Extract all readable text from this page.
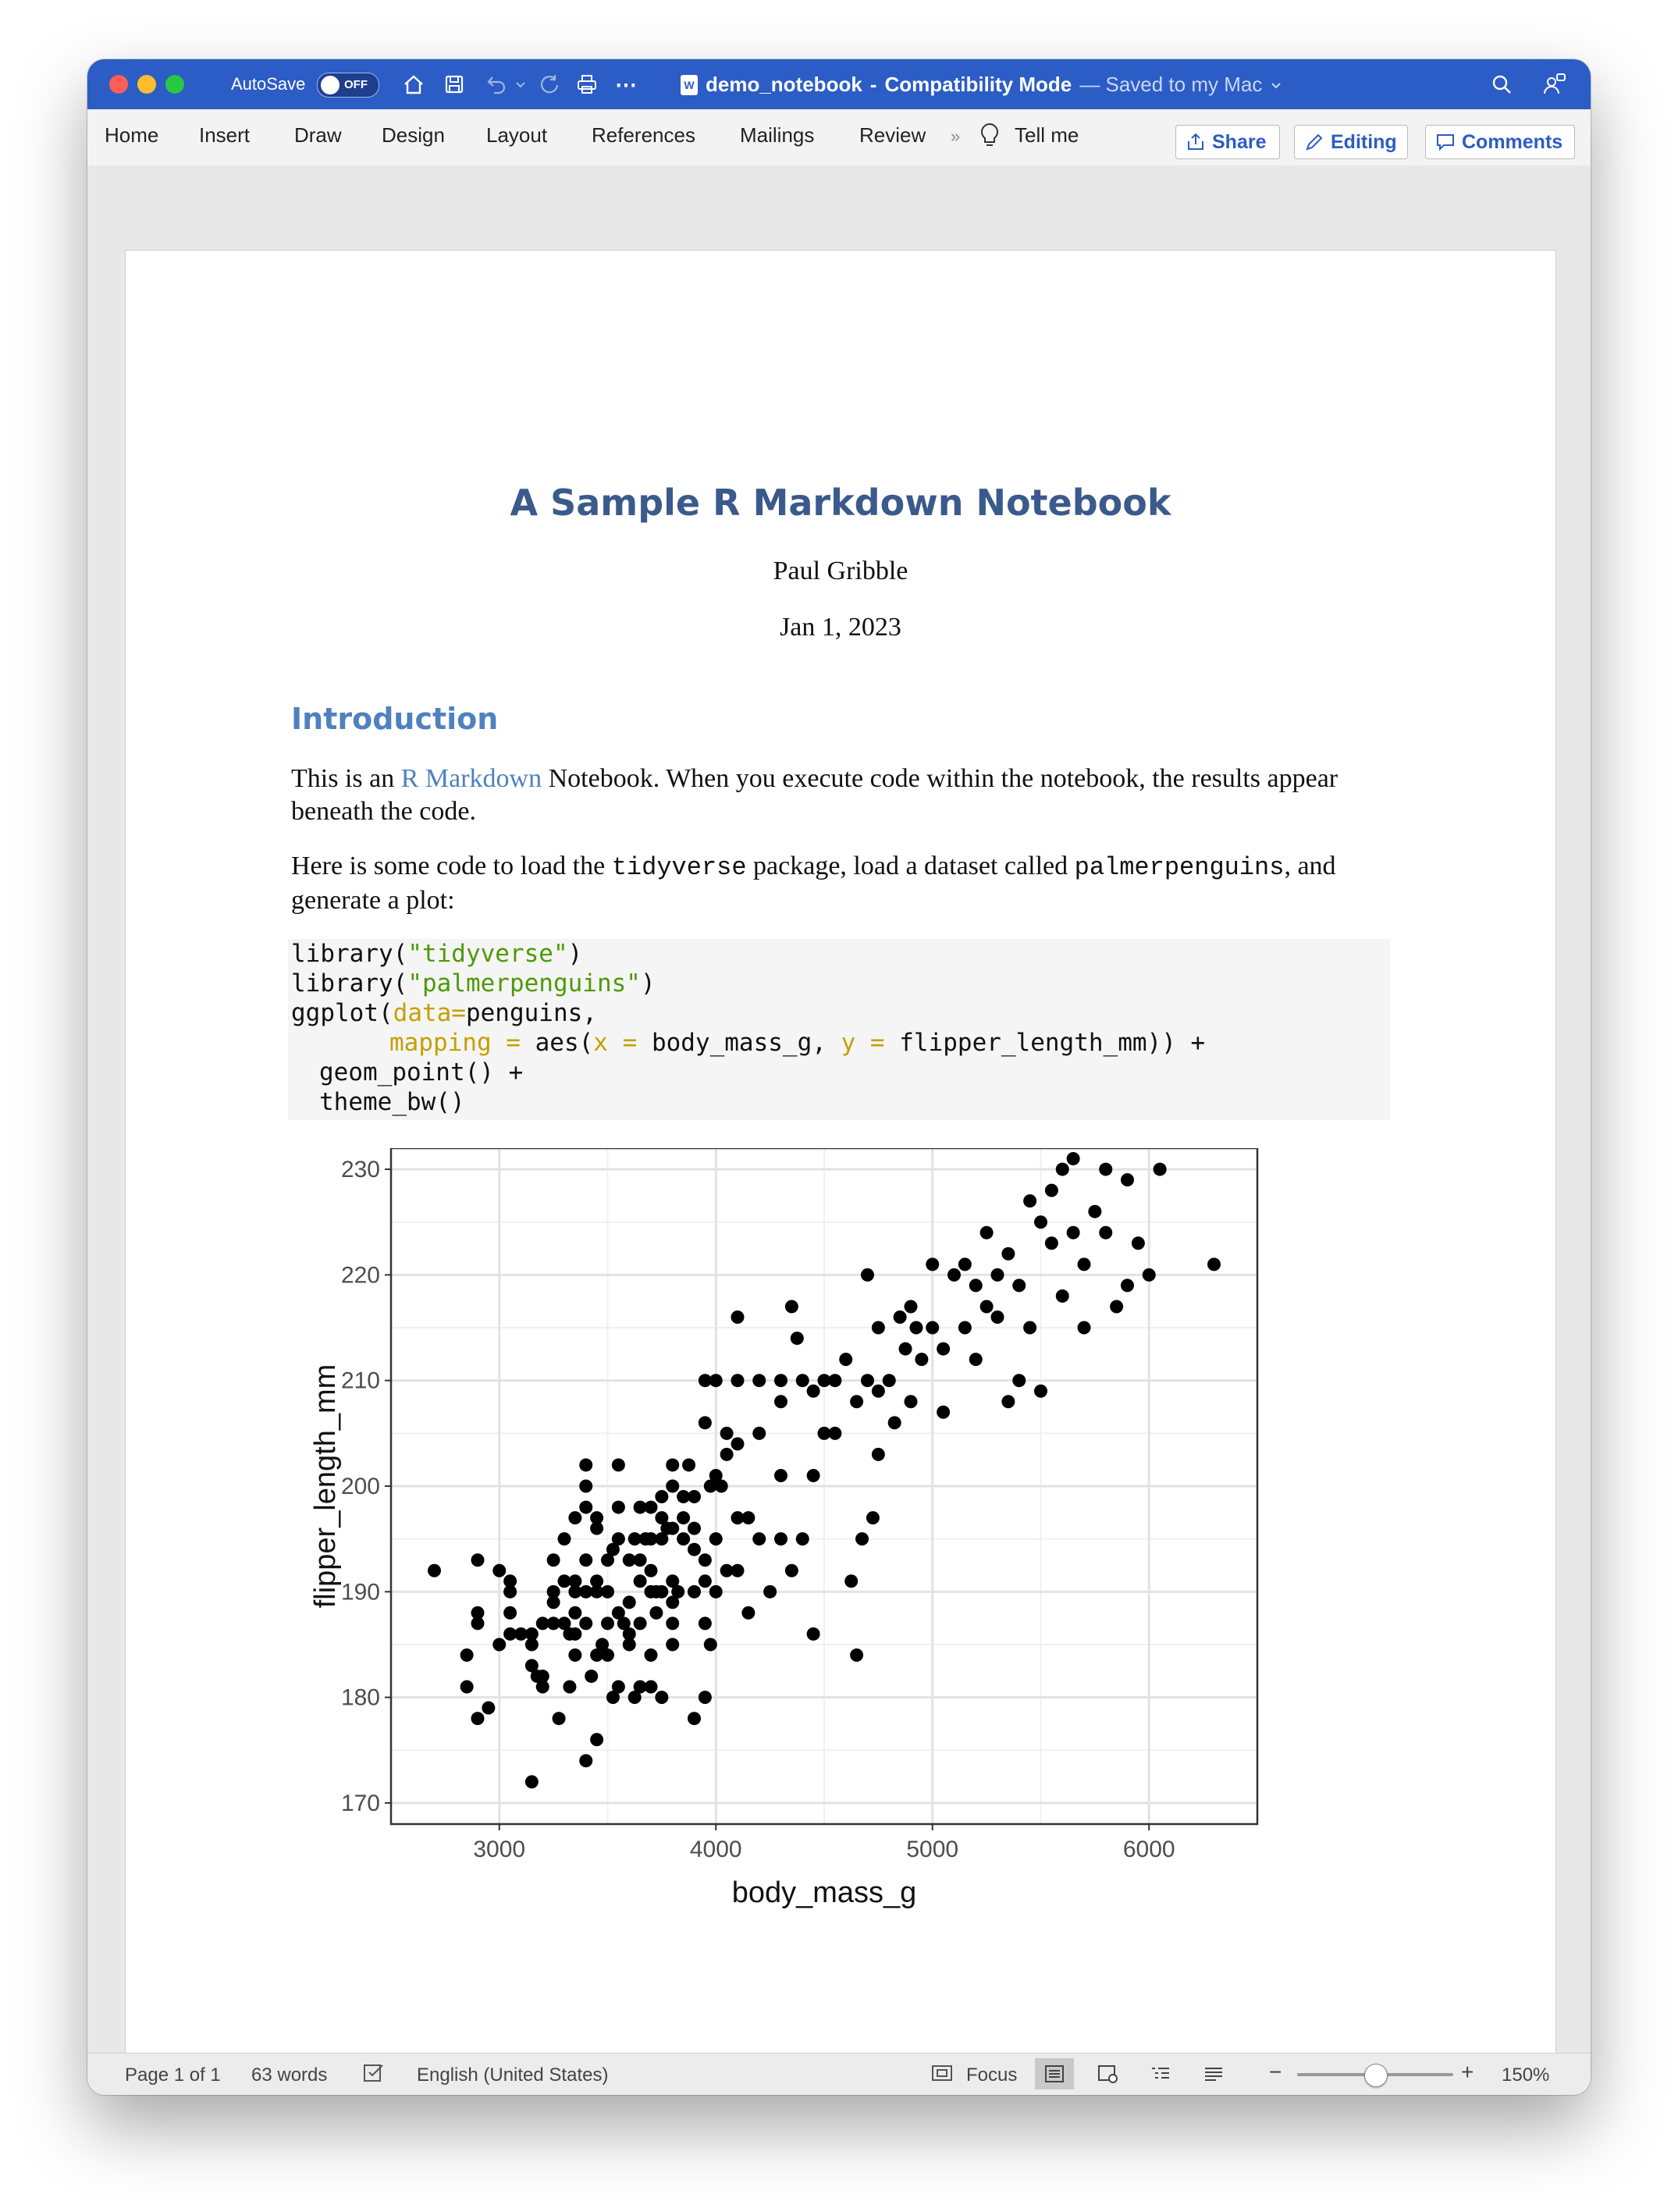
AutoSave	OFF	⋯	W demo_notebook - Compatibility Mode — Saved to my Mac
Home Insert Draw Design Layout References Mailings Review »	Tell me	Share	Editing	Comments
A Sample R Markdown Notebook
Paul Gribble
Jan 1, 2023
Introduction
This is an R Markdown Notebook. When you execute code within the notebook, the results appear beneath the code.
Here is some code to load the tidyverse package, load a dataset called palmerpenguins, and generate a plot:
library("tidyverse")
library("palmerpenguins")
ggplot(data=penguins,
mapping = aes(x = body_mass_g, y = flipper_length_mm)) +
geom_point() +
theme_bw()
3000	4000	5000	6000
170
180
190
200
210
220
230
body_mass_g
flipper_length_mm
Page 1 of 1 63 words	English (United States)	Focus	−	+ 150%
